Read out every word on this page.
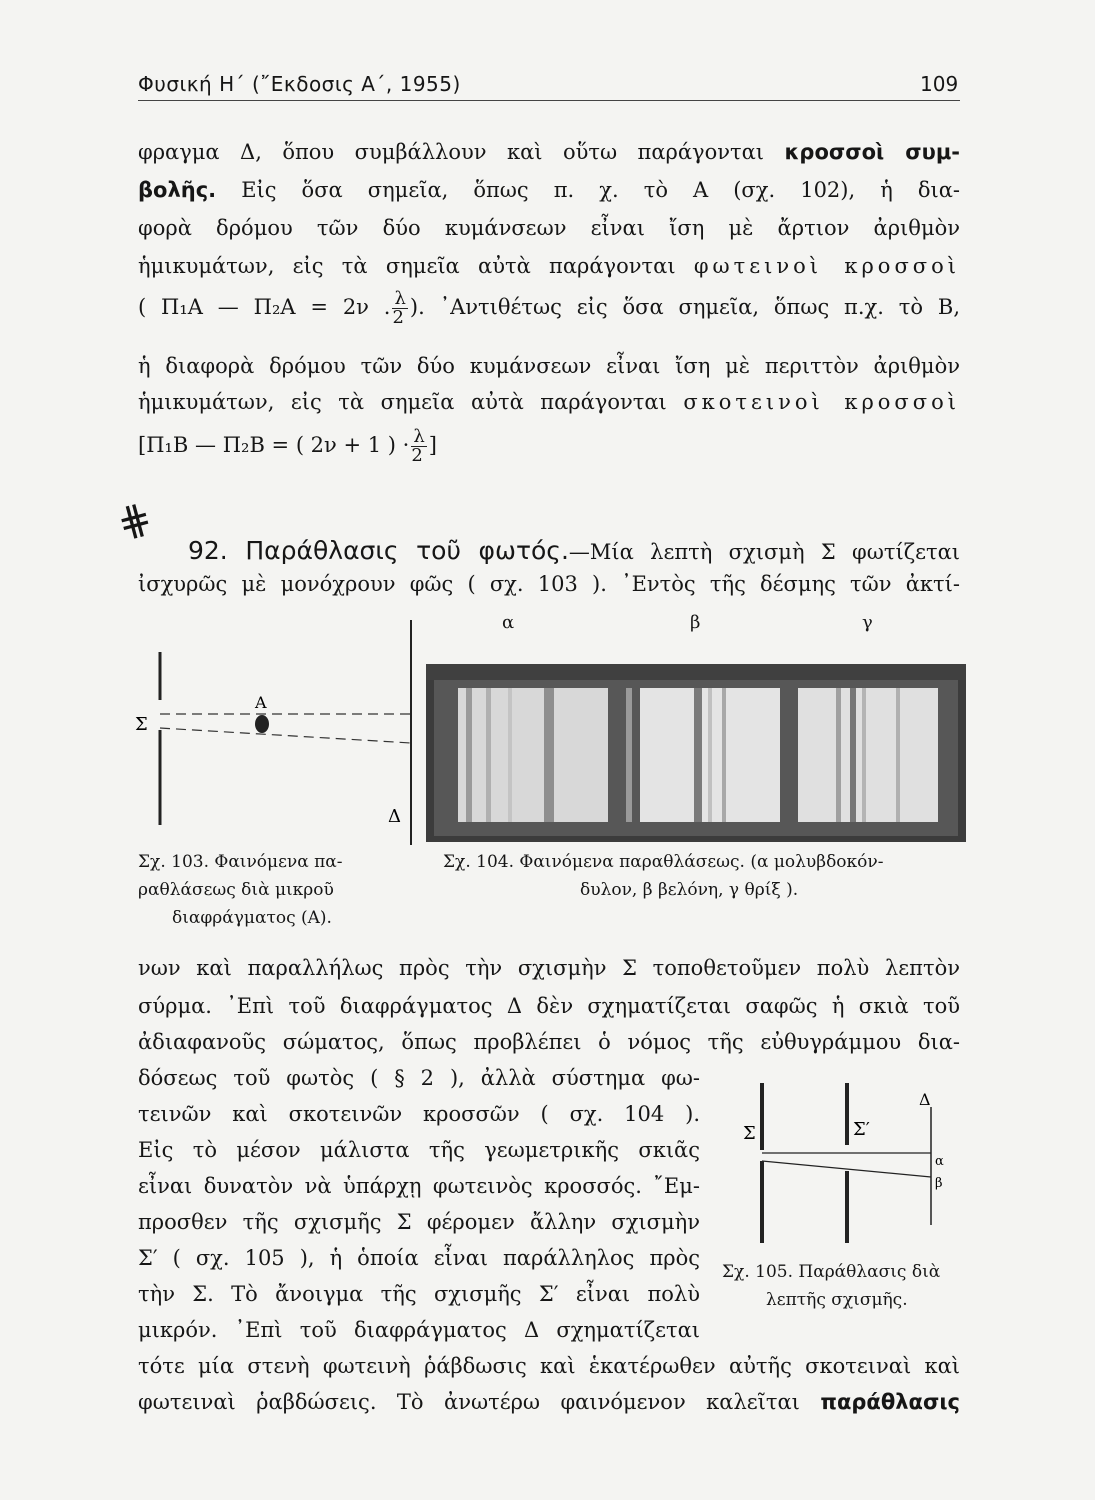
Φυσική Η΄ (῎Εκδοσις Α΄, 1955)	109
φραγμα Δ, ὅπου συμβάλλουν καὶ οὕτω παράγονται κροσσοὶ συμ-
βολῆς. Εἰς ὅσα σημεῖα, ὅπως π. χ. τὸ Α (σχ. 102), ἡ δια-
φορὰ δρόμου τῶν δύο κυμάνσεων εἶναι ἴση μὲ ἄρτιον ἀριθμὸν
ἡμικυμάτων, εἰς τὰ σημεῖα αὐτὰ παράγονται φωτεινοὶ κροσσοὶ
( Π₁Α — Π₂Α = 2ν . $\frac{\lambda}{2}$ ). ᾿Αντιθέτως εἰς ὅσα σημεῖα, ὅπως π.χ. τὸ Β,
ἡ διαφορὰ δρόμου τῶν δύο κυμάνσεων εἶναι ἴση μὲ περιττὸν ἀριθμὸν
ἡμικυμάτων, εἰς τὰ σημεῖα αὐτὰ παράγονται σκοτεινοὶ κροσσοὶ
[Π₁Β — Π₂Β = ( 2ν + 1 ) · $\frac{\lambda}{2}$ ]
⋕
92. Παράθλασις τοῦ φωτός.—Μία λεπτὴ σχισμὴ Σ φωτίζεται
ἰσχυρῶς μὲ μονόχρουν φῶς ( σχ. 103 ). ᾿Εντὸς τῆς δέσμης τῶν ἀκτί-
Σ
Α
Δ
α	β	γ
Σχ. 103. Φαινόμενα πα-
ραθλάσεως διὰ μικροῦ
διαφράγματος (Α).
Σχ. 104. Φαινόμενα παραθλάσεως. (α μολυβδοκόν-
δυλον, β βελόνη, γ θρίξ ).
νων καὶ παραλλήλως πρὸς τὴν σχισμὴν Σ τοποθετοῦμεν πολὺ λεπτὸν
σύρμα. ᾿Επὶ τοῦ διαφράγματος Δ δὲν σχηματίζεται σαφῶς ἡ σκιὰ τοῦ
ἀδιαφανοῦς σώματος, ὅπως προβλέπει ὁ νόμος τῆς εὐθυγράμμου δια-
δόσεως τοῦ φωτὸς ( § 2 ), ἀλλὰ σύστημα φω-
τεινῶν καὶ σκοτεινῶν κροσσῶν ( σχ. 104 ).
Εἰς τὸ μέσον μάλιστα τῆς γεωμετρικῆς σκιᾶς
εἶναι δυνατὸν νὰ ὑπάρχῃ φωτεινὸς κροσσός. ῎Εμ-
προσθεν τῆς σχισμῆς Σ φέρομεν ἄλλην σχισμὴν
Σ′ ( σχ. 105 ), ἡ ὁποία εἶναι παράλληλος πρὸς
τὴν Σ. Τὸ ἄνοιγμα τῆς σχισμῆς Σ′ εἶναι πολὺ
μικρόν. ᾿Επὶ τοῦ διαφράγματος Δ σχηματίζεται
τότε μία στενὴ φωτεινὴ ῥάβδωσις καὶ ἑκατέρωθεν αὐτῆς σκοτειναὶ καὶ
φωτειναὶ ῥαβδώσεις. Τὸ ἀνωτέρω φαινόμενον καλεῖται παράθλασις
Σ	Σ′
Δ
α
β
Σχ. 105. Παράθλασις διὰ
λεπτῆς σχισμῆς.
